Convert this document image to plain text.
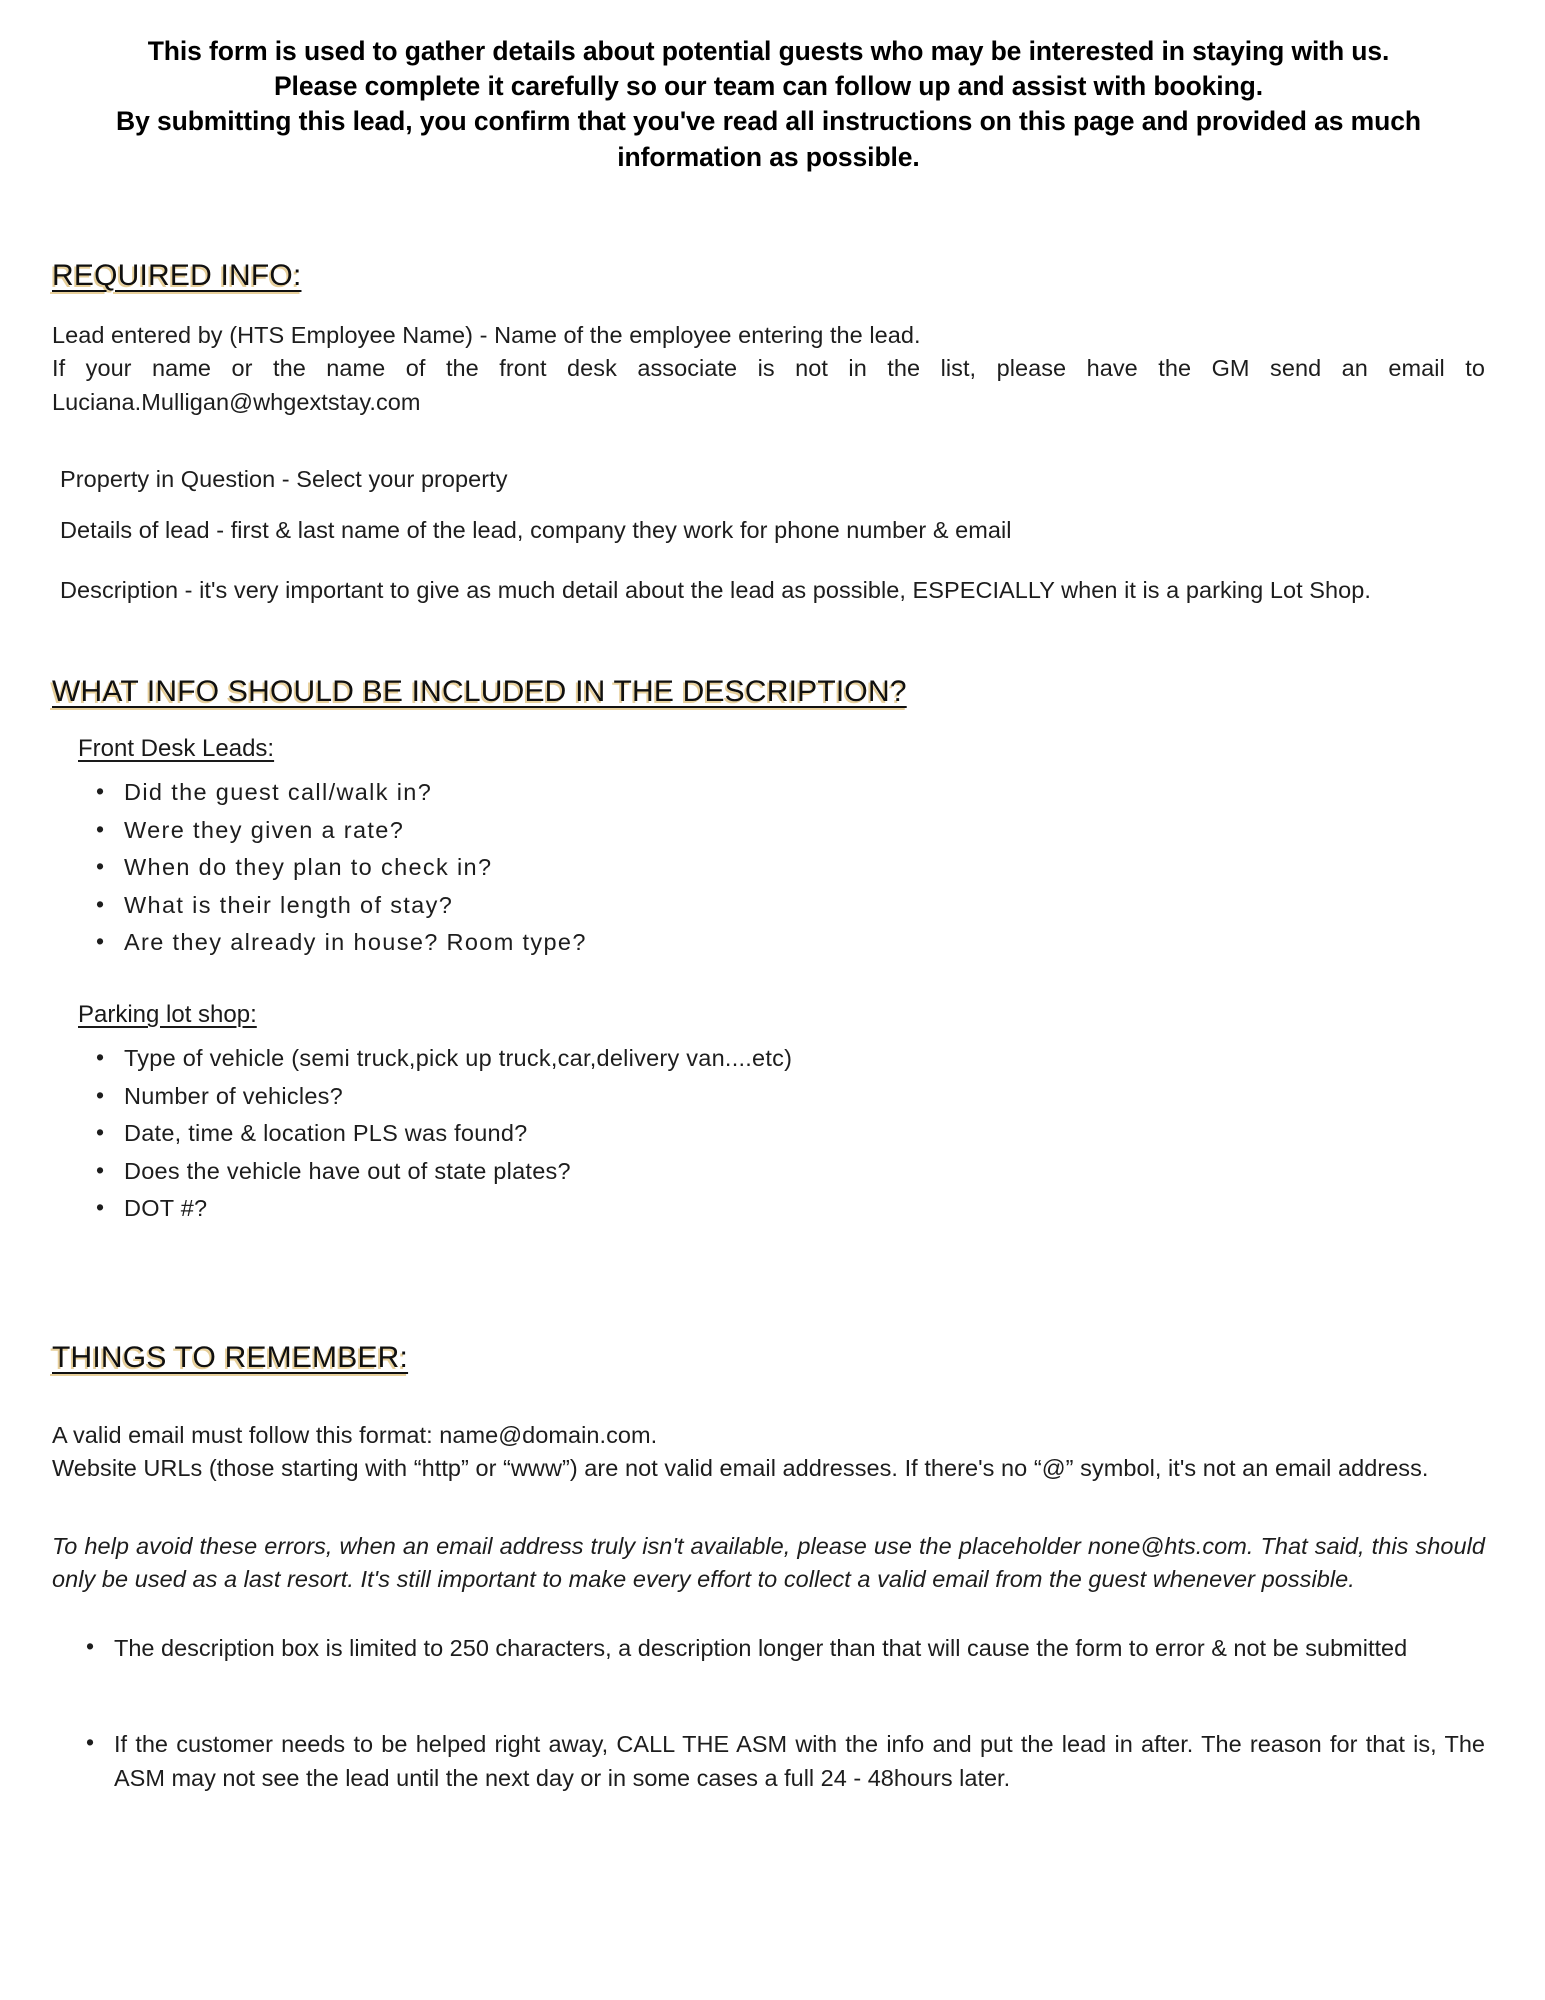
This form is used to gather details about potential guests who may be interested in staying with us.
Please complete it carefully so our team can follow up and assist with booking.
By submitting this lead, you confirm that you've read all instructions on this page and provided as much
information as possible.
REQUIRED INFO:
Lead entered by (HTS Employee Name) - Name of the employee entering the lead.
If your name or the name of the front desk associate is not in the list, please have the GM send an email to Luciana.Mulligan@whgextstay.com
Property in Question - Select your property
Details of lead - first & last name of the lead, company they work for phone number & email
Description - it's very important to give as much detail about the lead as possible, ESPECIALLY when it is a parking Lot Shop.
WHAT INFO SHOULD BE INCLUDED IN THE DESCRIPTION?
Front Desk Leads:
• Did the guest call/walk in?
• Were they given a rate?
• When do they plan to check in?
• What is their length of stay?
• Are they already in house? Room type?
Parking lot shop:
• Type of vehicle (semi truck,pick up truck,car,delivery van....etc)
• Number of vehicles?
• Date, time & location PLS was found?
• Does the vehicle have out of state plates?
• DOT #?
THINGS TO REMEMBER:
A valid email must follow this format: name@domain.com.
Website URLs (those starting with “http” or “www”) are not valid email addresses. If there's no “@” symbol, it's not an email address.
To help avoid these errors, when an email address truly isn't available, please use the placeholder none@hts.com. That said, this should only be used as a last resort. It's still important to make every effort to collect a valid email from the guest whenever possible.
• The description box is limited to 250 characters, a description longer than that will cause the form to error & not be submitted
• If the customer needs to be helped right away, CALL THE ASM with the info and put the lead in after. The reason for that is, The ASM may not see the lead until the next day or in some cases a full 24 - 48hours later.
